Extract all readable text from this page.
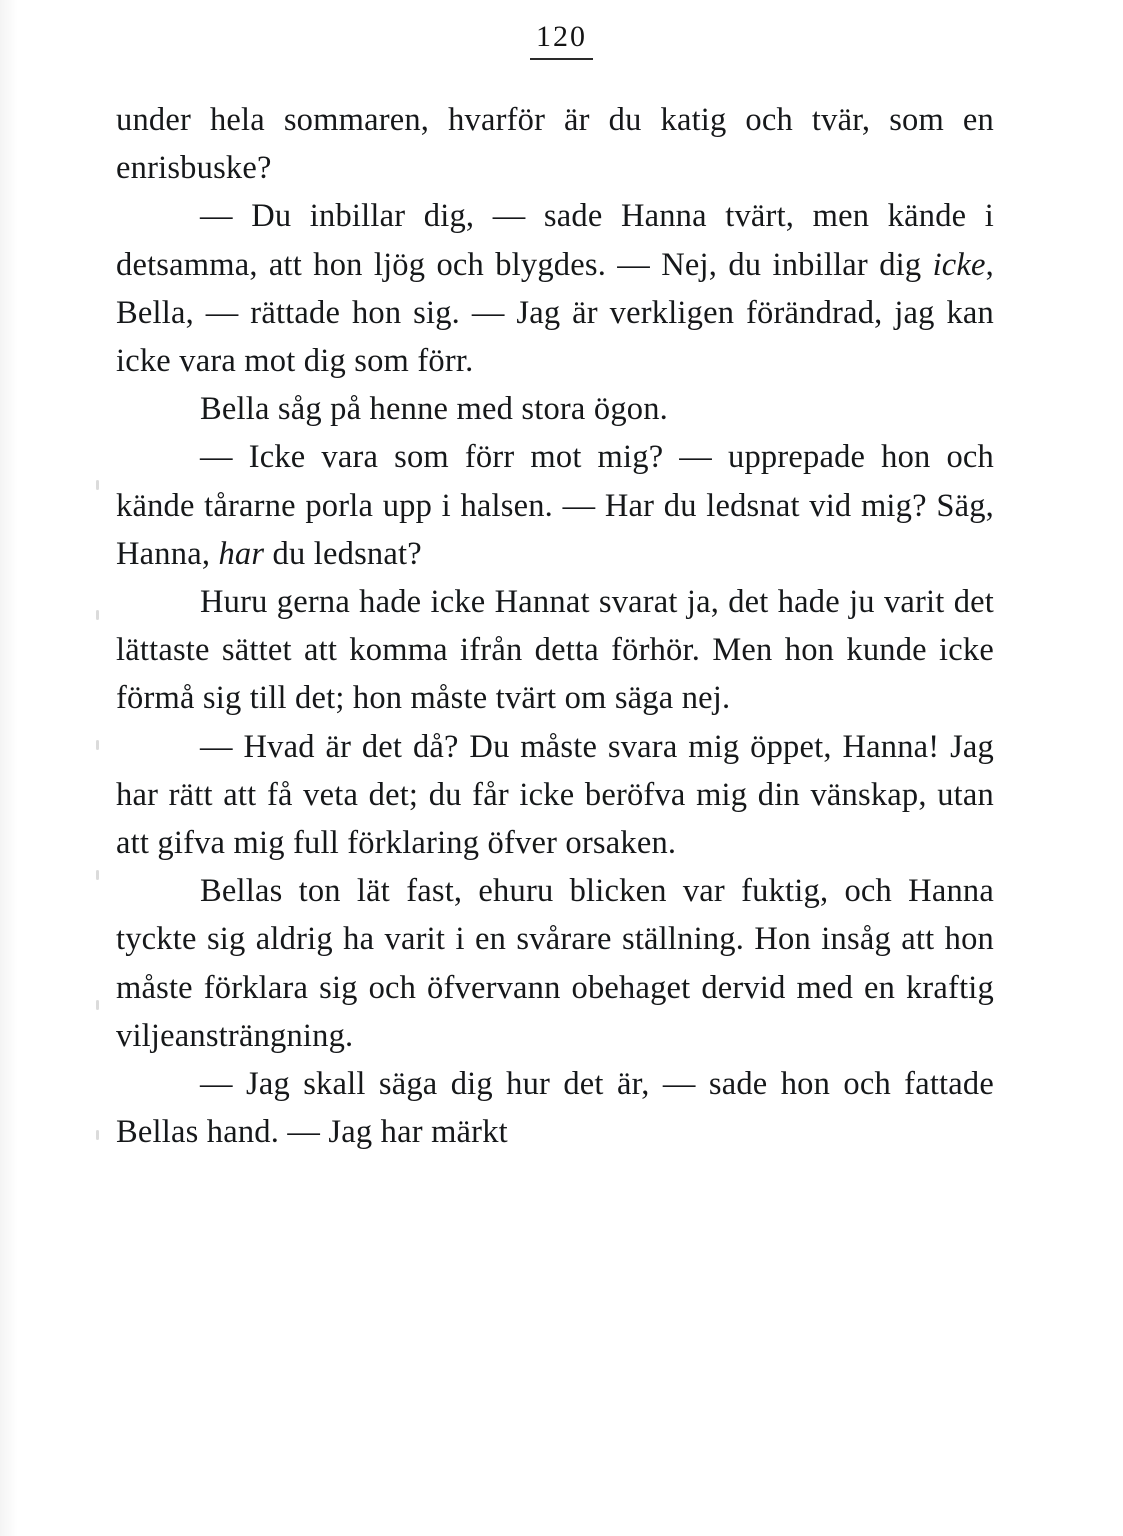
120

under hela sommaren, hvarför är du katig och tvär, som en enrisbuske?

— Du inbillar dig, — sade Hanna tvärt, men kände i detsamma, att hon ljög och blygdes. — Nej, du inbillar dig icke, Bella, — rättade hon sig. — Jag är verkligen förändrad, jag kan icke vara mot dig som förr.

Bella såg på henne med stora ögon.

— Icke vara som förr mot mig? — upprepade hon och kände tårarne porla upp i halsen. — Har du ledsnat vid mig? Säg, Hanna, har du ledsnat?

Huru gerna hade icke Hannat svarat ja, det hade ju varit det lättaste sättet att komma ifrån detta förhör. Men hon kunde icke förmå sig till det; hon måste tvärt om säga nej.

— Hvad är det då? Du måste svara mig öppet, Hanna! Jag har rätt att få veta det; du får icke beröfva mig din vänskap, utan att gifva mig full förklaring öfver orsaken.

Bellas ton lät fast, ehuru blicken var fuktig, och Hanna tyckte sig aldrig ha varit i en svårare ställning. Hon insåg att hon måste förklara sig och öfvervann obehaget dervid med en kraftig viljeansträngning.

— Jag skall säga dig hur det är, — sade hon och fattade Bellas hand. — Jag har märkt
